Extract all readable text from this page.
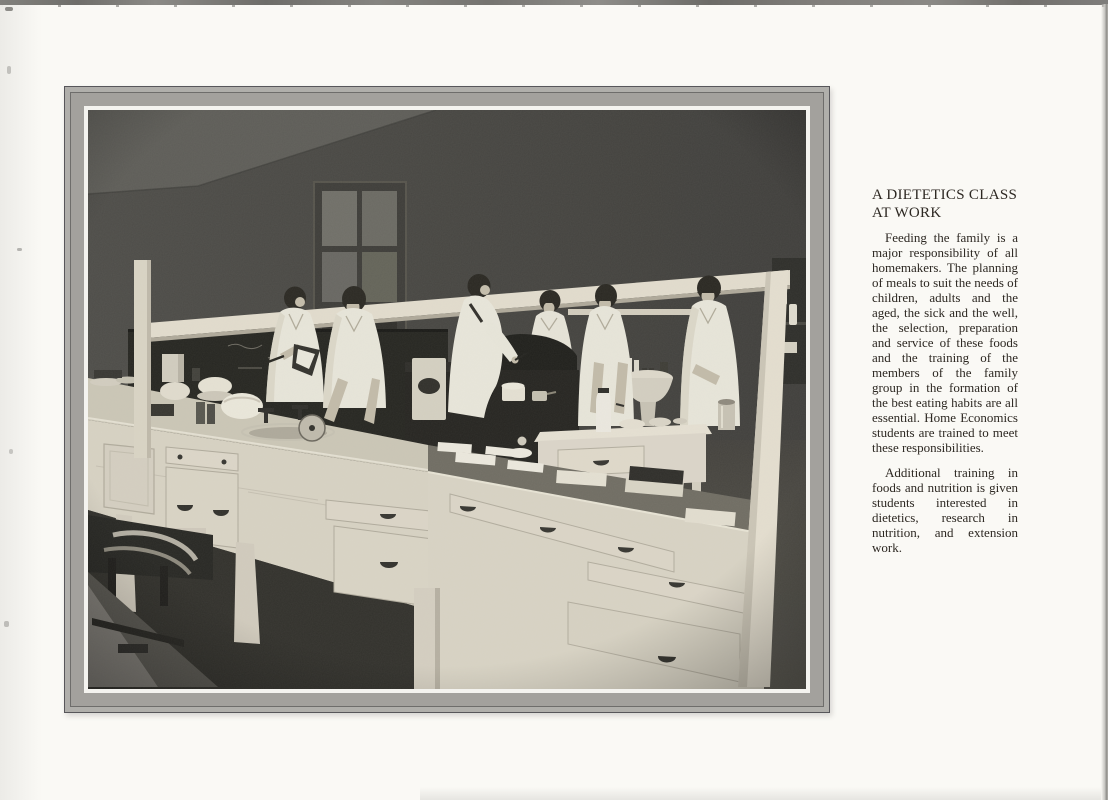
A DIETETICS CLASS
AT WORK

Feeding the family is a major responsibility of all homemakers. The planning of meals to suit the needs of children, adults and the aged, the sick and the well, the selection, preparation and service of these foods and the training of the members of the family group in the formation of the best eating habits are all essential. Home Economics students are trained to meet these responsibilities.

Additional training in foods and nutrition is given students interested in dietetics, research in nutrition, and extension work.
